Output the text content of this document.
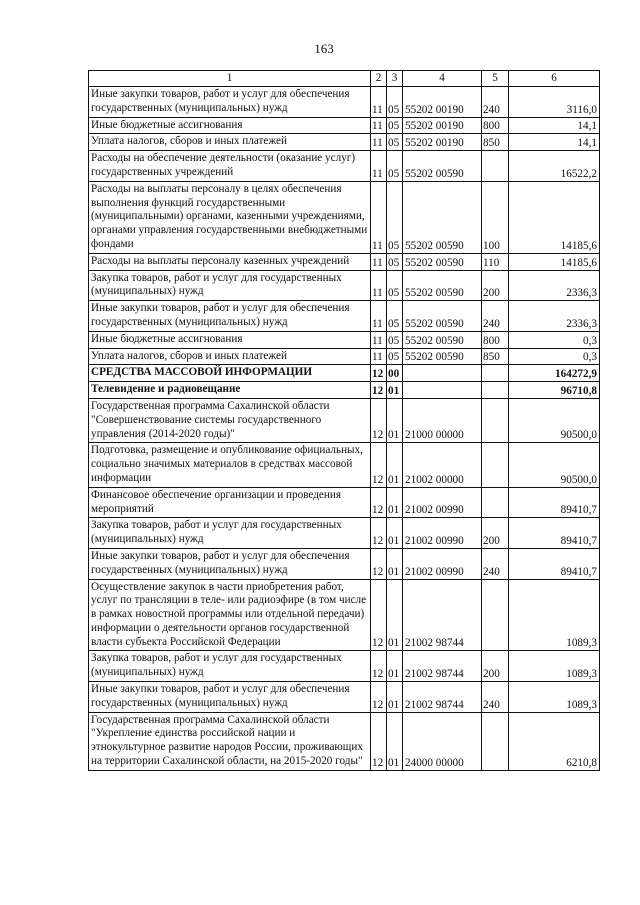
163
1	2	3	4	5	6
Иные закупки товаров, работ и услуг для обеспечения государственных (муниципальных) нужд	11	05	55202 00190	240	3116,0
Иные бюджетные ассигнования	11	05	55202 00190	800	14,1
Уплата налогов, сборов и иных платежей	11	05	55202 00190	850	14,1
Расходы на обеспечение деятельности (оказание услуг) государственных учреждений	11	05	55202 00590		16522,2
Расходы на выплаты персоналу в целях обеспечения выполнения функций государственными (муниципальными) органами, казенными учреждениями, органами управления государственными внебюджетными фондами	11	05	55202 00590	100	14185,6
Расходы на выплаты персоналу казенных учреждений	11	05	55202 00590	110	14185,6
Закупка товаров, работ и услуг для государственных (муниципальных) нужд	11	05	55202 00590	200	2336,3
Иные закупки товаров, работ и услуг для обеспечения государственных (муниципальных) нужд	11	05	55202 00590	240	2336,3
Иные бюджетные ассигнования	11	05	55202 00590	800	0,3
Уплата налогов, сборов и иных платежей	11	05	55202 00590	850	0,3
СРЕДСТВА МАССОВОЙ ИНФОРМАЦИИ	12	00			164272,9
Телевидение и радиовещание	12	01			96710,8
Государственная программа Сахалинской области "Совершенствование системы государственного управления (2014-2020 годы)"	12	01	21000 00000		90500,0
Подготовка, размещение и опубликование официальных, социально значимых материалов в средствах массовой информации	12	01	21002 00000		90500,0
Финансовое обеспечение организации и проведения мероприятий	12	01	21002 00990		89410,7
Закупка товаров, работ и услуг для государственных (муниципальных) нужд	12	01	21002 00990	200	89410,7
Иные закупки товаров, работ и услуг для обеспечения государственных (муниципальных) нужд	12	01	21002 00990	240	89410,7
Осуществление закупок в части приобретения работ, услуг по трансляции в теле- или радиоэфире (в том числе в рамках новостной программы или отдельной передачи) информации о деятельности органов государственной власти субъекта Российской Федерации	12	01	21002 98744		1089,3
Закупка товаров, работ и услуг для государственных (муниципальных) нужд	12	01	21002 98744	200	1089,3
Иные закупки товаров, работ и услуг для обеспечения государственных (муниципальных) нужд	12	01	21002 98744	240	1089,3
Государственная программа Сахалинской области "Укрепление единства российской нации и этнокультурное развитие народов России, проживающих на территории Сахалинской области, на 2015-2020 годы"	12	01	24000 00000		6210,8
